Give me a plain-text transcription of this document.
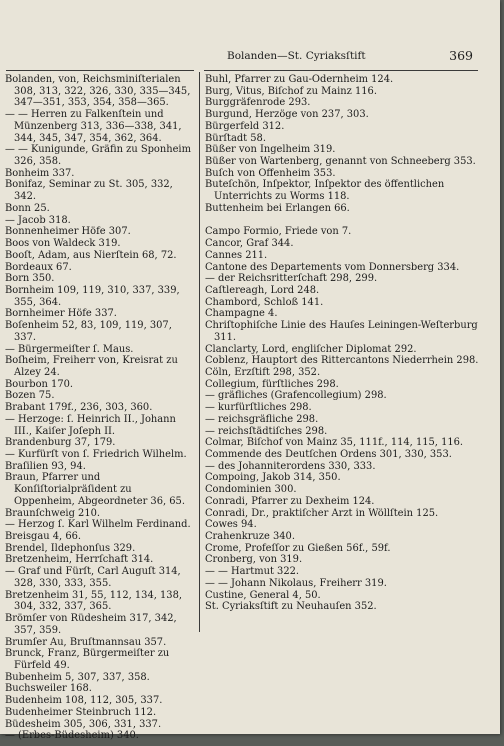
Bolanden—St. Cyriaksſtift	369
Bolanden, von, Reichsminiſterialen 308, 313, 322, 326, 330, 335—345, 347—351, 353, 354, 358—365.
— — Herren zu Falkenſtein und Münzenberg 313, 336—338, 341, 344, 345, 347, 354, 362, 364.
— — Kunigunde, Gräfin zu Sponheim 326, 358.
Bonheim 337.
Bonifaz, Seminar zu St. 305, 332, 342.
Bonn 25.
— Jacob 318.
Bonnenheimer Höfe 307.
Boos von Waldeck 319.
Booſt, Adam, aus Nierſtein 68, 72.
Bordeaux 67.
Born 350.
Bornheim 109, 119, 310, 337, 339, 355, 364.
Bornheimer Höfe 337.
Boſenheim 52, 83, 109, 119, 307, 337.
— Bürgermeiſter ſ. Maus.
Boſheim, Freiherr von, Kreisrat zu Alzey 24.
Bourbon 170.
Bozen 75.
Brabant 179f., 236, 303, 360.
— Herzoge: ſ. Heinrich II., Johann III., Kaiſer Joſeph II.
Brandenburg 37, 179.
— Kurfürſt von ſ. Friedrich Wilhelm.
Braſilien 93, 94.
Braun, Pfarrer und Konſiſtorialpräſident zu Oppenheim, Abgeordneter 36, 65.
Braunſchweig 210.
— Herzog ſ. Karl Wilhelm Ferdinand.
Breisgau 4, 66.
Brendel, Ildephonſus 329.
Bretzenheim, Herrſchaft 314.
— Graf und Fürſt, Carl Auguſt 314, 328, 330, 333, 355.
Bretzenheim 31, 55, 112, 134, 138, 304, 332, 337, 365.
Brömſer von Rüdesheim 317, 342, 357, 359.
Brumſer Au, Bruſtmannsau 357.
Brunck, Franz, Bürgermeiſter zu Fürfeld 49.
Bubenheim 5, 307, 337, 358.
Buchsweiler 168.
Budenheim 108, 112, 305, 337.
Budenheimer Steinbruch 112.
Büdesheim 305, 306, 331, 337.
— (Erbes-Büdesheim) 340.
Buhl, Pfarrer zu Gau-Odernheim 124.
Burg, Vitus, Biſchof zu Mainz 116.
Burggräfenrode 293.
Burgund, Herzöge von 237, 303.
Bürgerfeld 312.
Bürſtadt 58.
Büßer von Ingelheim 319.
Büßer von Wartenberg, genannt von Schneeberg 353.
Buſch von Offenheim 353.
Buteſchön, Inſpektor, Inſpektor des öffentlichen Unterrichts zu Worms 118.
Buttenheim bei Erlangen 66.
Campo Formio, Friede von 7.
Cancor, Graf 344.
Cannes 211.
Cantone des Departements vom Donnersberg 334.
— der Reichsritterſchaft 298, 299.
Caſtlereagh, Lord 248.
Chambord, Schloß 141.
Champagne 4.
Chriſtophiſche Linie des Hauſes Leiningen-Weſterburg 311.
Clanclarty, Lord, engliſcher Diplomat 292.
Coblenz, Hauptort des Rittercantons Niederrhein 298.
Cöln, Erzſtift 298, 352.
Collegium, fürſtliches 298.
— gräfliches (Grafencollegium) 298.
— kurfürſtliches 298.
— reichsgräfliche 298.
— reichsſtädtiſches 298.
Colmar, Biſchof von Mainz 35, 111f., 114, 115, 116.
Commende des Deutſchen Ordens 301, 330, 353.
— des Johanniterordens 330, 333.
Compoing, Jakob 314, 350.
Condominien 300.
Conradi, Pfarrer zu Dexheim 124.
Conradi, Dr., praktiſcher Arzt in Wöllſtein 125.
Cowes 94.
Crahenkruze 340.
Crome, Profeſſor zu Gießen 56f., 59f.
Cronberg, von 319.
— — Hartmut 322.
— — Johann Nikolaus, Freiherr 319.
Custine, General 4, 50.
St. Cyriaksſtift zu Neuhauſen 352.
